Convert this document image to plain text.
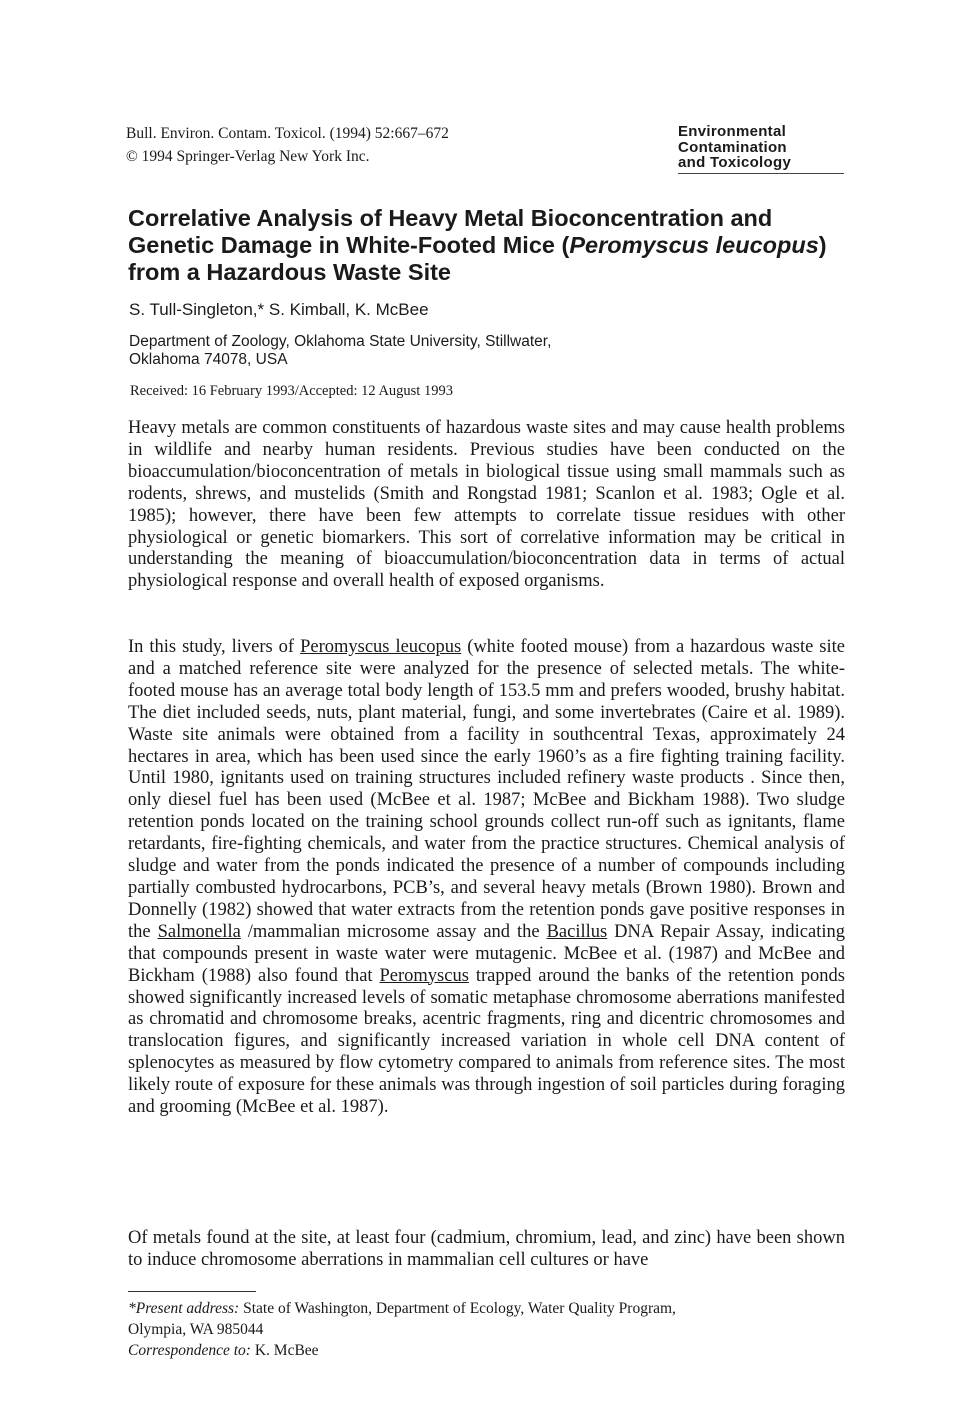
Bull. Environ. Contam. Toxicol. (1994) 52:667–672
© 1994 Springer-Verlag New York Inc.
Environmental
Contamination
and Toxicology
Correlative Analysis of Heavy Metal Bioconcentration and Genetic Damage in White-Footed Mice (Peromyscus leucopus) from a Hazardous Waste Site
S. Tull-Singleton,* S. Kimball, K. McBee
Department of Zoology, Oklahoma State University, Stillwater,
Oklahoma 74078, USA
Received: 16 February 1993/Accepted: 12 August 1993

Heavy metals are common constituents of hazardous waste sites and may cause health problems in wildlife and nearby human residents. Previous studies have been conducted on the bioaccumulation/bioconcentration of metals in biological tissue using small mammals such as rodents, shrews, and mustelids (Smith and Rongstad 1981; Scanlon et al. 1983; Ogle et al. 1985); however, there have been few attempts to correlate tissue residues with other physiological or genetic biomarkers. This sort of correlative information may be critical in understanding the meaning of bioaccumulation/bioconcentration data in terms of actual physiological response and overall health of exposed organisms.

In this study, livers of Peromyscus leucopus (white footed mouse) from a hazardous waste site and a matched reference site were analyzed for the presence of selected metals. The white-footed mouse has an average total body length of 153.5 mm and prefers wooded, brushy habitat. The diet included seeds, nuts, plant material, fungi, and some invertebrates (Caire et al. 1989). Waste site animals were obtained from a facility in southcentral Texas, approximately 24 hectares in area, which has been used since the early 1960’s as a fire fighting training facility. Until 1980, ignitants used on training structures included refinery waste products . Since then, only diesel fuel has been used (McBee et al. 1987; McBee and Bickham 1988). Two sludge retention ponds located on the training school grounds collect run-off such as ignitants, flame retardants, fire-fighting chemicals, and water from the practice structures. Chemical analysis of sludge and water from the ponds indicated the presence of a number of compounds including partially combusted hydrocarbons, PCB’s, and several heavy metals (Brown 1980). Brown and Donnelly (1982) showed that water extracts from the retention ponds gave positive responses in the Salmonella /mammalian microsome assay and the Bacillus DNA Repair Assay, indicating that compounds present in waste water were mutagenic. McBee et al. (1987) and McBee and Bickham (1988) also found that Peromyscus trapped around the banks of the retention ponds showed significantly increased levels of somatic metaphase chromosome aberrations manifested as chromatid and chromosome breaks, acentric fragments, ring and dicentric chromosomes and translocation figures, and significantly increased variation in whole cell DNA content of splenocytes as measured by flow cytometry compared to animals from reference sites. The most likely route of exposure for these animals was through ingestion of soil particles during foraging and grooming (McBee et al. 1987).

Of metals found at the site, at least four (cadmium, chromium, lead, and zinc) have been shown to induce chromosome aberrations in mammalian cell cultures or have

*Present address: State of Washington, Department of Ecology, Water Quality Program,
Olympia, WA 985044
Correspondence to: K. McBee
